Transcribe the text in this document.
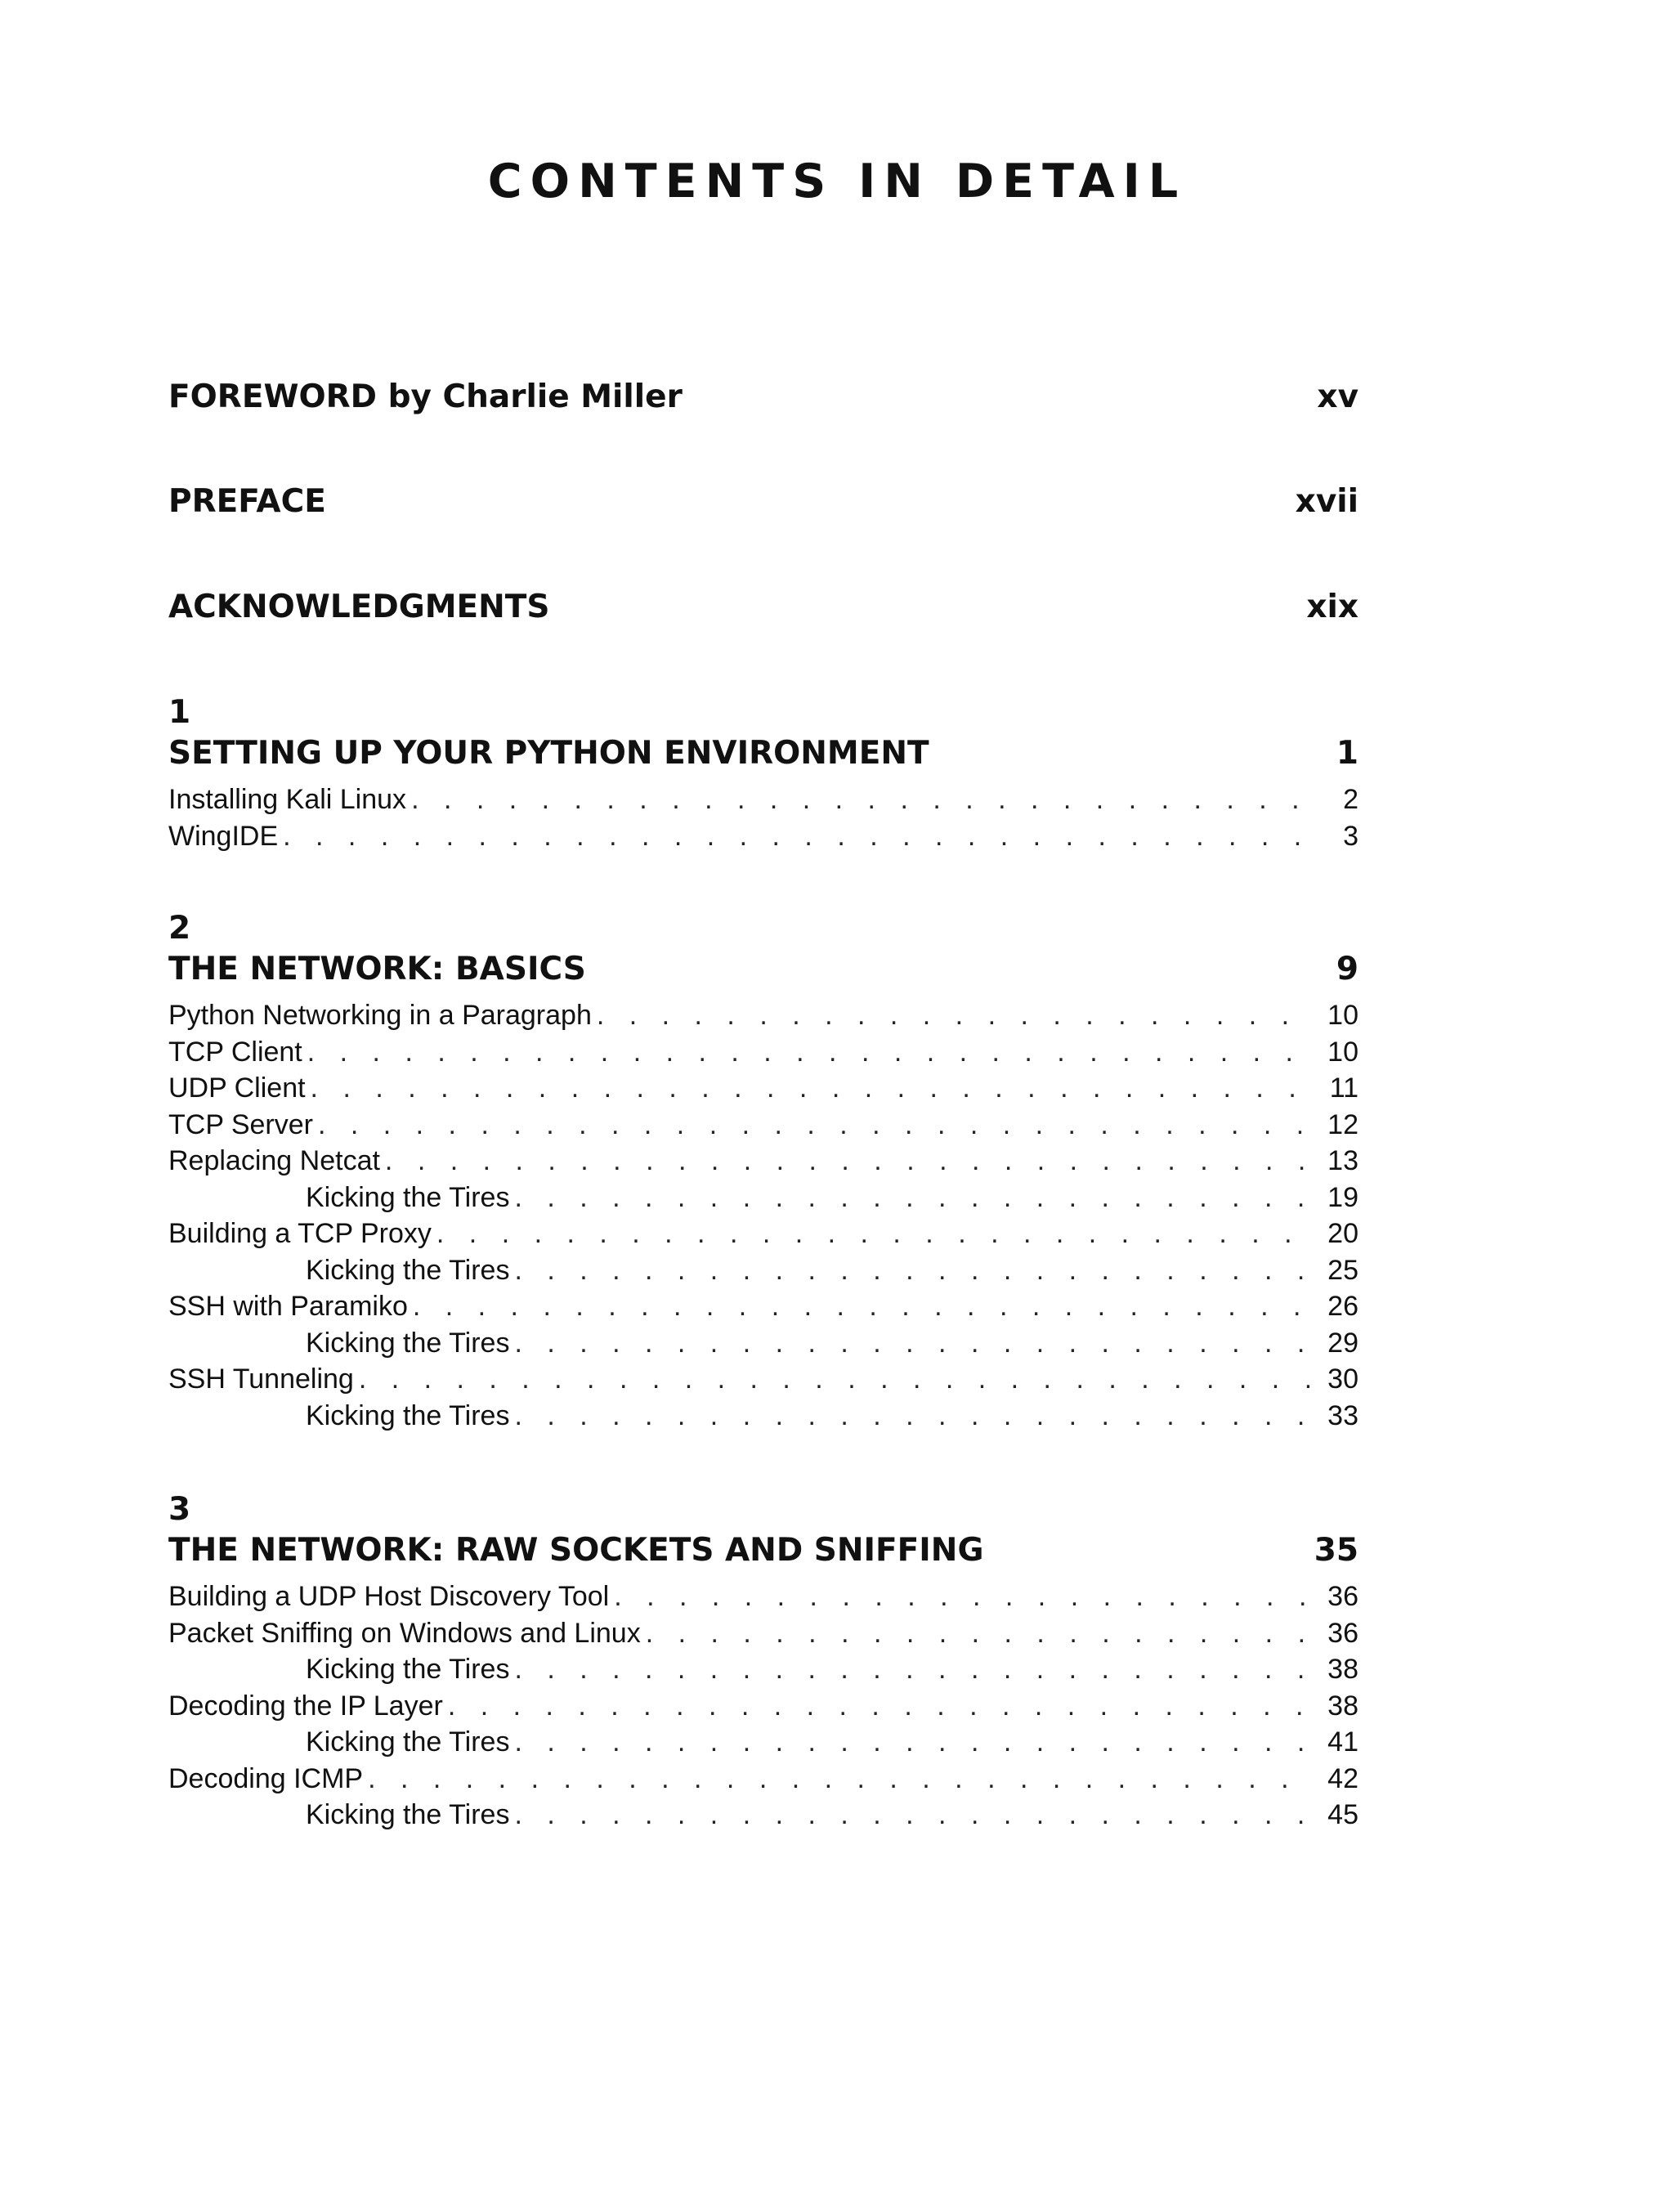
CONTENTS IN DETAIL
FOREWORD by Charlie Miller	xv
PREFACE	xvii
ACKNOWLEDGMENTS	xix
1
SETTING UP YOUR PYTHON ENVIRONMENT	1
Installing Kali Linux . . .	2
WingIDE . . .	3
2
THE NETWORK: BASICS	9
Python Networking in a Paragraph . . .	10
TCP Client . . .	10
UDP Client . . .	11
TCP Server . . .	12
Replacing Netcat . . .	13
Kicking the Tires . . .	19
Building a TCP Proxy . . .	20
Kicking the Tires . . .	25
SSH with Paramiko . . .	26
Kicking the Tires . . .	29
SSH Tunneling . . .	30
Kicking the Tires . . .	33
3
THE NETWORK: RAW SOCKETS AND SNIFFING	35
Building a UDP Host Discovery Tool . . .	36
Packet Sniffing on Windows and Linux . . .	36
Kicking the Tires . . .	38
Decoding the IP Layer . . .	38
Kicking the Tires . . .	41
Decoding ICMP . . .	42
Kicking the Tires . . .	45
